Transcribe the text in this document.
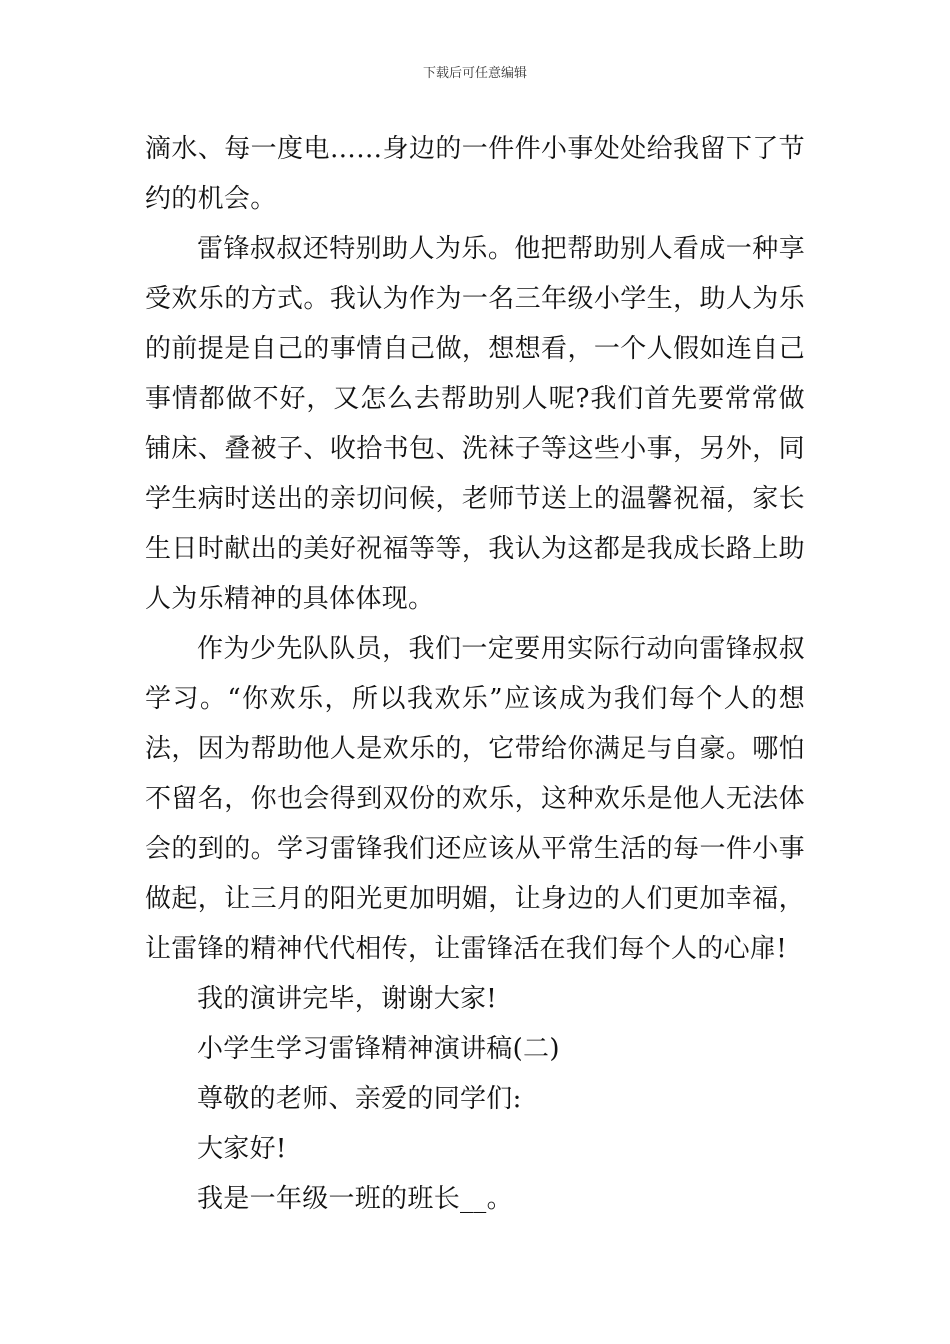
下载后可任意编辑

滴水、每一度电……身边的一件件小事处处给我留下了节约的机会。

雷锋叔叔还特别助人为乐。他把帮助别人看成一种享受欢乐的方式。我认为作为一名三年级小学生，助人为乐的前提是自己的事情自己做，想想看，一个人假如连自己事情都做不好，又怎么去帮助别人呢?我们首先要常常做铺床、叠被子、收拾书包、洗袜子等这些小事，另外，同学生病时送出的亲切问候，老师节送上的温馨祝福，家长生日时献出的美好祝福等等，我认为这都是我成长路上助人为乐精神的具体体现。

作为少先队队员，我们一定要用实际行动向雷锋叔叔学习。“你欢乐，所以我欢乐”应该成为我们每个人的想法，因为帮助他人是欢乐的，它带给你满足与自豪。哪怕不留名，你也会得到双份的欢乐，这种欢乐是他人无法体会的到的。学习雷锋我们还应该从平常生活的每一件小事做起，让三月的阳光更加明媚，让身边的人们更加幸福，让雷锋的精神代代相传，让雷锋活在我们每个人的心扉!

我的演讲完毕，谢谢大家!

小学生学习雷锋精神演讲稿(二)

尊敬的老师、亲爱的同学们:

大家好!

我是一年级一班的班长__。
